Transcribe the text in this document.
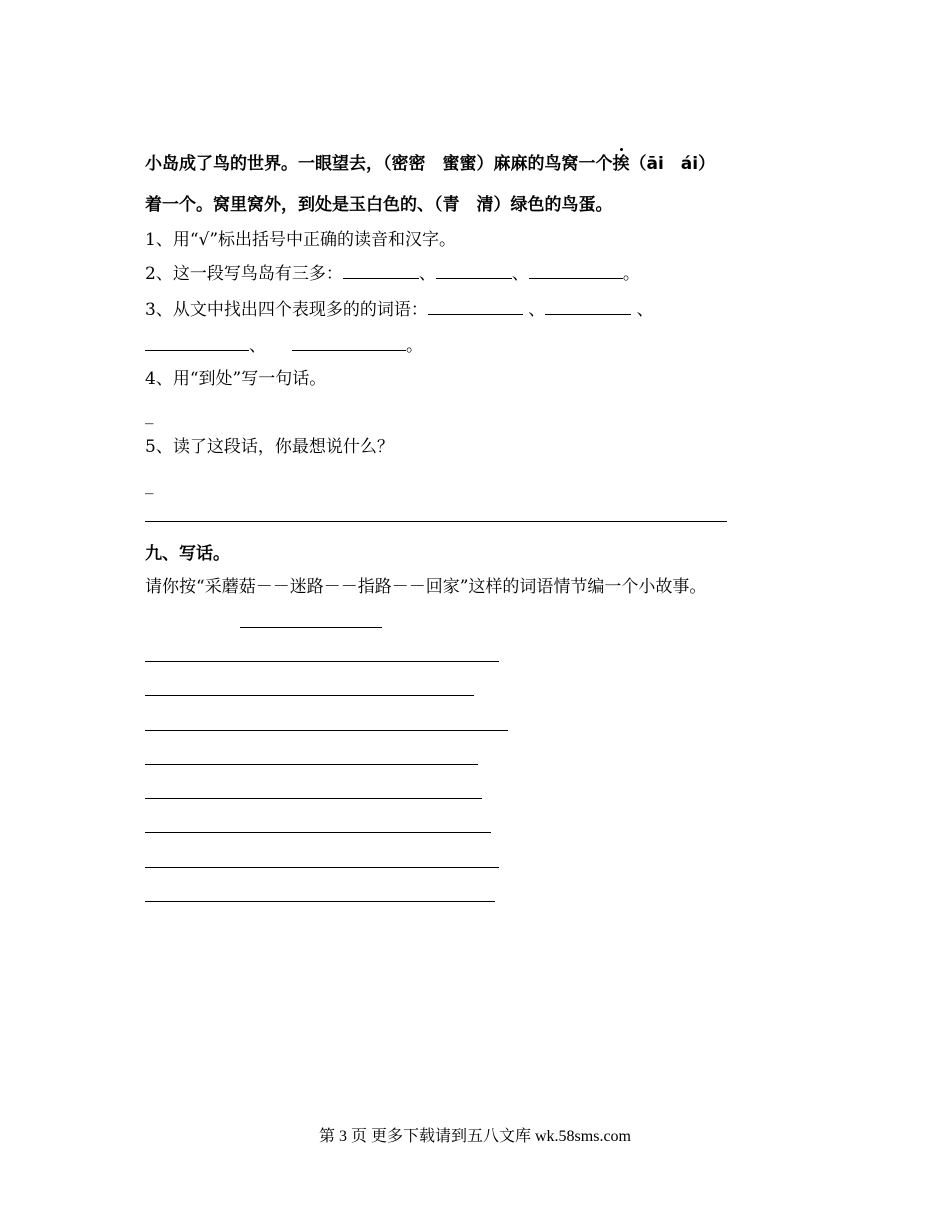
小岛成了鸟的世界。一眼望去，（密密　蜜蜜）麻麻的鸟窝一个挨（āi　ái）
着一个。窝里窝外，到处是玉白色的、（青　清）绿色的鸟蛋。
1、用“√”标出括号中正确的读音和汉字。
2、这一段写鸟岛有三多：	、	、	。
3、从文中找出四个表现多的的词语：	、	、
、	。
4、用“到处”写一句话。
_
5、读了这段话，你最想说什么？
_
九、写话。
请你按“采蘑菇－－迷路－－指路－－回家”这样的词语情节编一个小故事。
第 3 页 更多下载请到五八文库 wk.58sms.com
